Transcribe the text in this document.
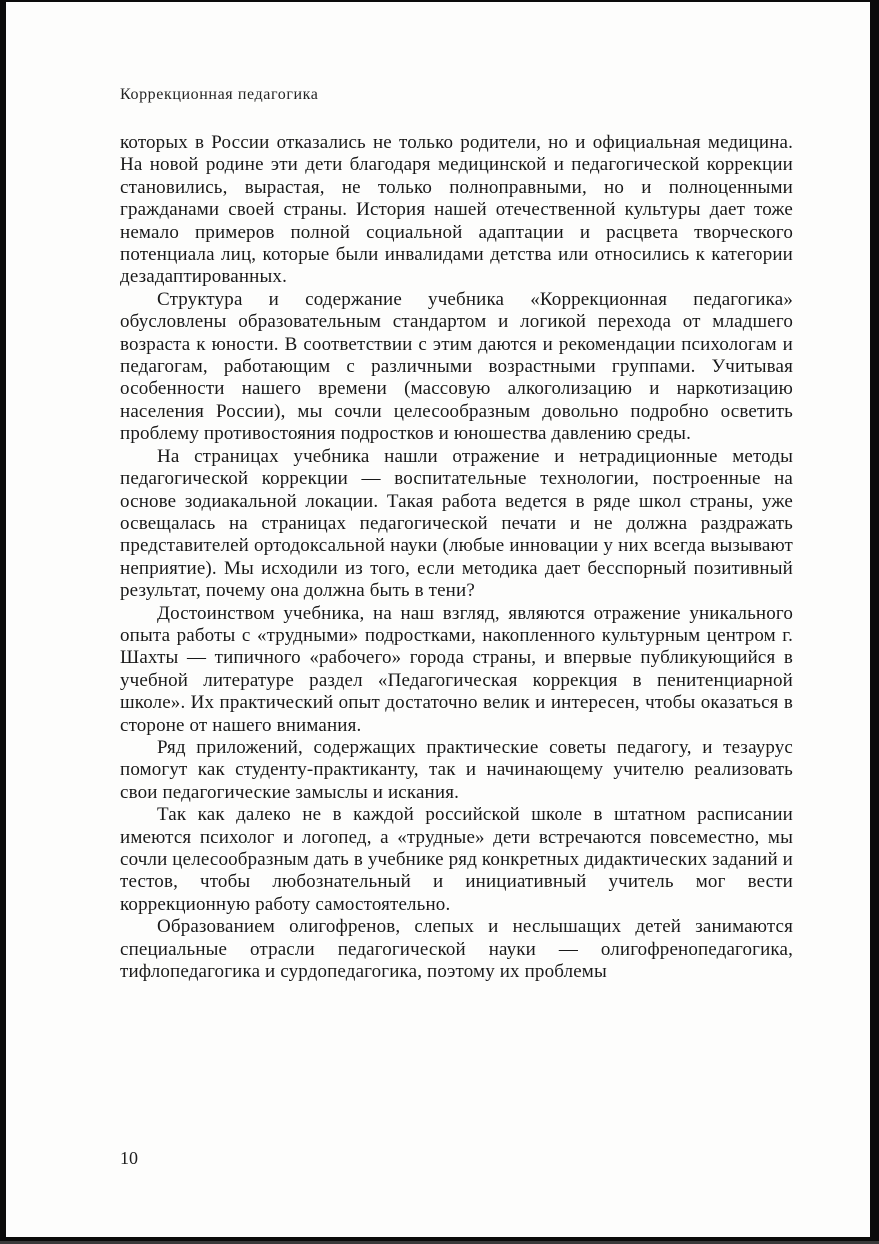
Коррекционная педагогика

которых в России отказались не только родители, но и официальная медицина. На новой родине эти дети благодаря медицинской и педагогической коррекции становились, вырастая, не только полноправными, но и полноценными гражданами своей страны. История нашей отечественной культуры дает тоже немало примеров полной социальной адаптации и расцвета творческого потенциала лиц, которые были инвалидами детства или относились к категории дезадаптированных.

Структура и содержание учебника «Коррекционная педагогика» обусловлены образовательным стандартом и логикой перехода от младшего возраста к юности. В соответствии с этим даются и рекомендации психологам и педагогам, работающим с различными возрастными группами. Учитывая особенности нашего времени (массовую алкоголизацию и наркотизацию населения России), мы сочли целесообразным довольно подробно осветить проблему противостояния подростков и юношества давлению среды.

На страницах учебника нашли отражение и нетрадиционные методы педагогической коррекции — воспитательные технологии, построенные на основе зодиакальной локации. Такая работа ведется в ряде школ страны, уже освещалась на страницах педагогической печати и не должна раздражать представителей ортодоксальной науки (любые инновации у них всегда вызывают неприятие). Мы исходили из того, если методика дает бесспорный позитивный результат, почему она должна быть в тени?

Достоинством учебника, на наш взгляд, являются отражение уникального опыта работы с «трудными» подростками, накопленного культурным центром г. Шахты — типичного «рабочего» города страны, и впервые публикующийся в учебной литературе раздел «Педагогическая коррекция в пенитенциарной школе». Их практический опыт достаточно велик и интересен, чтобы оказаться в стороне от нашего внимания.

Ряд приложений, содержащих практические советы педагогу, и тезаурус помогут как студенту-практиканту, так и начинающему учителю реализовать свои педагогические замыслы и искания.

Так как далеко не в каждой российской школе в штатном расписании имеются психолог и логопед, а «трудные» дети встречаются повсеместно, мы сочли целесообразным дать в учебнике ряд конкретных дидактических заданий и тестов, чтобы любознательный и инициативный учитель мог вести коррекционную работу самостоятельно.

Образованием олигофренов, слепых и неслышащих детей занимаются специальные отрасли педагогической науки — олигофренопедагогика, тифлопедагогика и сурдопедагогика, поэтому их проблемы

10
